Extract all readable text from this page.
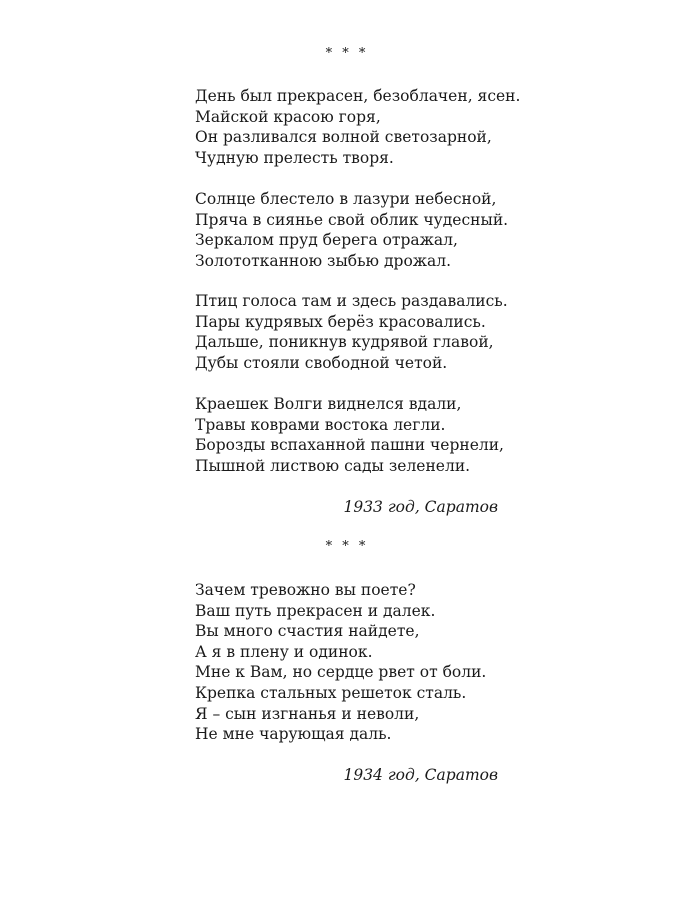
* * *
День был прекрасен, безоблачен, ясен.
Майской красою горя,
Он разливался волной светозарной,
Чудную прелесть творя.
Солнце блестело в лазури небесной,
Пряча в сиянье свой облик чудесный.
Зеркалом пруд берега отражал,
Золототканною зыбью дрожал.
Птиц голоса там и здесь раздавались.
Пары кудрявых берёз красовались.
Дальше, поникнув кудрявой главой,
Дубы стояли свободной четой.
Краешек Волги виднелся вдали,
Травы коврами востока легли.
Борозды вспаханной пашни чернели,
Пышной листвою сады зеленели.
1933 год, Саратов
* * *
Зачем тревожно вы поете?
Ваш путь прекрасен и далек.
Вы много счастия найдете,
А я в плену и одинок.
Мне к Вам, но сердце рвет от боли.
Крепка стальных решеток сталь.
Я – сын изгнанья и неволи,
Не мне чарующая даль.
1934 год, Саратов
